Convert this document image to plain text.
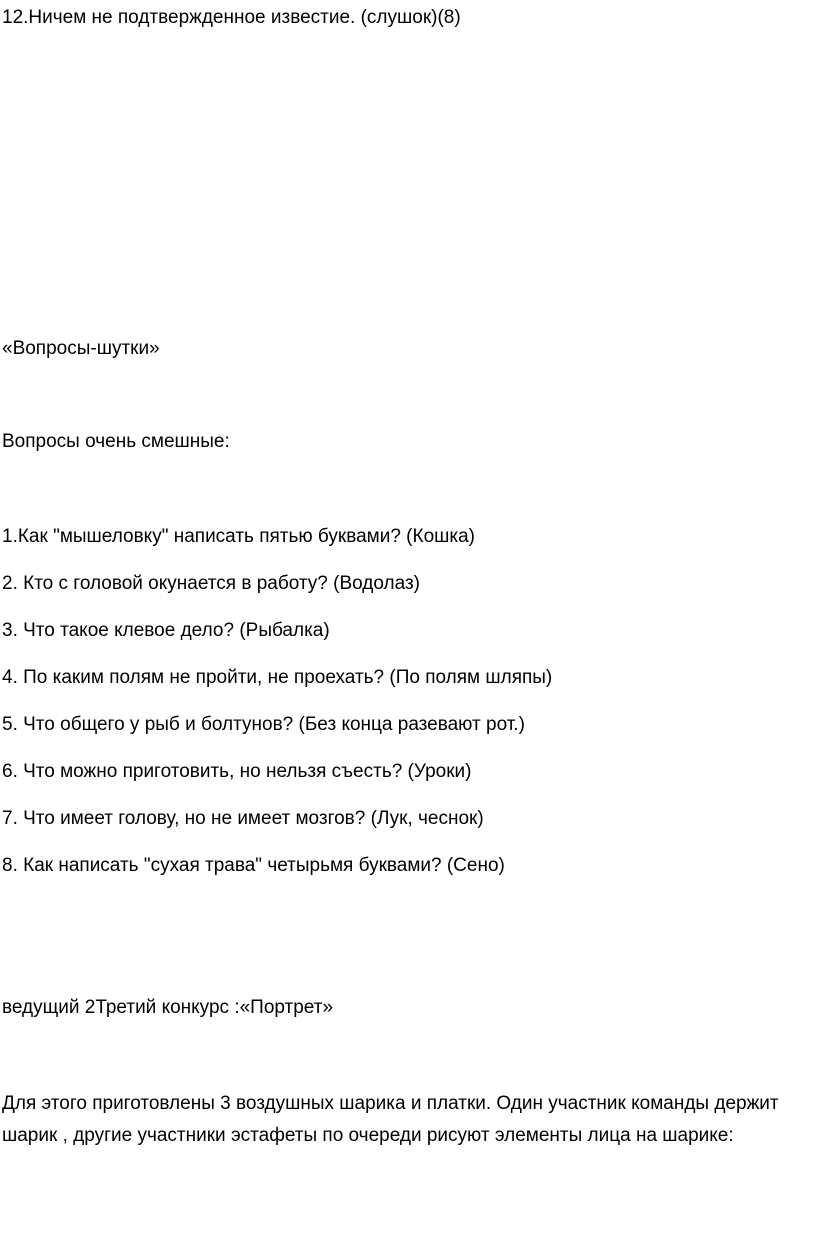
12.Ничем не подтвержденное известие. (слушок)(8)

«Вопросы-шутки»

Вопросы очень смешные:

1.Как "мышеловку" написать пятью буквами? (Кошка)

2. Кто с головой окунается в работу? (Водолаз)

3. Что такое клевое дело? (Рыбалка)

4. По каким полям не пройти, не проехать? (По полям шляпы)

5. Что общего у рыб и болтунов? (Без конца разевают рот.)

6. Что можно приготовить, но нельзя съесть? (Уроки)

7. Что имеет голову, но не имеет мозгов? (Лук, чеснок)

8. Как написать "сухая трава" четырьмя буквами? (Сено)

ведущий 2Третий конкурс :«Портрет»

Для этого приготовлены 3 воздушных шарика и платки. Один участник команды держит шарик , другие участники эстафеты по очереди рисуют элементы лица на шарике:
